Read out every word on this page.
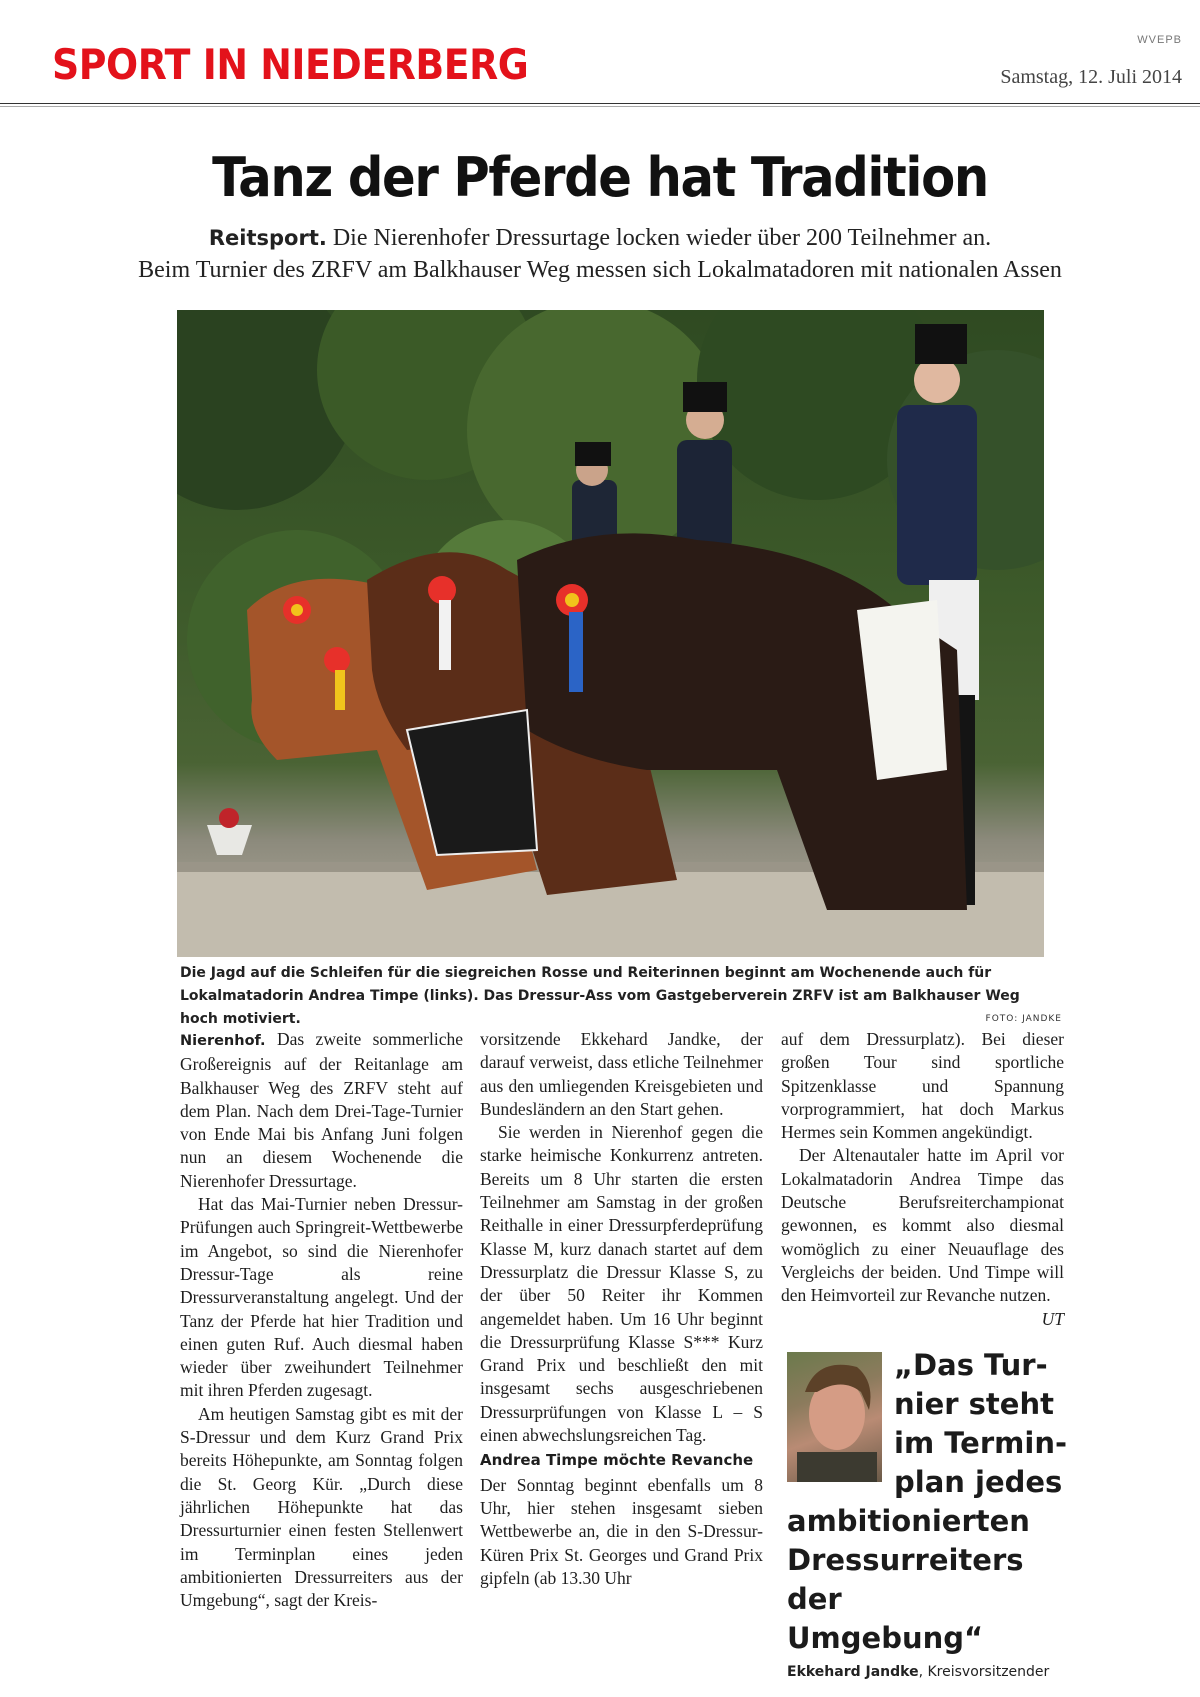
WVEPB
SPORT IN NIEDERBERG	Samstag, 12. Juli 2014
Tanz der Pferde hat Tradition
Reitsport. Die Nierenhofer Dressurtage locken wieder über 200 Teilnehmer an.
Beim Turnier des ZRFV am Balkhauser Weg messen sich Lokalmatadoren mit nationalen Assen
Die Jagd auf die Schleifen für die siegreichen Rosse und Reiterinnen beginnt am Wochenende auch für Lokalmatadorin Andrea Timpe (links). Das Dressur-Ass vom Gastgeberverein ZRFV ist am Balkhauser Weg hoch motiviert.	FOTO: JANDKE

Nierenhof. Das zweite sommerliche Großereignis auf der Reitanlage am Balkhauser Weg des ZRFV steht auf dem Plan. Nach dem Drei-Tage-Turnier von Ende Mai bis Anfang Juni folgen nun an diesem Wochenende die Nierenhofer Dressurtage.

Hat das Mai-Turnier neben Dressur-Prüfungen auch Springreit-Wettbewerbe im Angebot, so sind die Nierenhofer Dressur-Tage als reine Dressurveranstaltung angelegt. Und der Tanz der Pferde hat hier Tradition und einen guten Ruf. Auch diesmal haben wieder über zweihundert Teilnehmer mit ihren Pferden zugesagt.

Am heutigen Samstag gibt es mit der S-Dressur und dem Kurz Grand Prix bereits Höhepunkte, am Sonntag folgen die St. Georg Kür. „Durch diese jährlichen Höhepunkte hat das Dressurturnier einen festen Stellenwert im Terminplan eines jeden ambitionierten Dressurreiters aus der Umgebung“, sagt der Kreis-

vorsitzende Ekkehard Jandke, der darauf verweist, dass etliche Teilnehmer aus den umliegenden Kreisgebieten und Bundesländern an den Start gehen.

Sie werden in Nierenhof gegen die starke heimische Konkurrenz antreten. Bereits um 8 Uhr starten die ersten Teilnehmer am Samstag in der großen Reithalle in einer Dressurpferdeprüfung Klasse M, kurz danach startet auf dem Dressurplatz die Dressur Klasse S, zu der über 50 Reiter ihr Kommen angemeldet haben. Um 16 Uhr beginnt die Dressurprüfung Klasse S*** Kurz Grand Prix und beschließt den mit insgesamt sechs ausgeschriebenen Dressurprüfungen von Klasse L – S einen abwechslungsreichen Tag.

Andrea Timpe möchte Revanche

Der Sonntag beginnt ebenfalls um 8 Uhr, hier stehen insgesamt sieben Wettbewerbe an, die in den S-Dressur-Küren Prix St. Georges und Grand Prix gipfeln (ab 13.30 Uhr

auf dem Dressurplatz). Bei dieser großen Tour sind sportliche Spitzenklasse und Spannung vorprogrammiert, hat doch Markus Hermes sein Kommen angekündigt.

Der Altenautaler hatte im April vor Lokalmatadorin Andrea Timpe das Deutsche Berufsreiterchampionat gewonnen, es kommt also diesmal womöglich zu einer Neuauflage des Vergleichs der beiden. Und Timpe will den Heimvorteil zur Revanche nutzen.
UT

„Das Tur-
nier steht
im Termin-
plan jedes
ambitionierten
Dressurreiters der
Umgebung“

Ekkehard Jandke, Kreisvorsitzender
